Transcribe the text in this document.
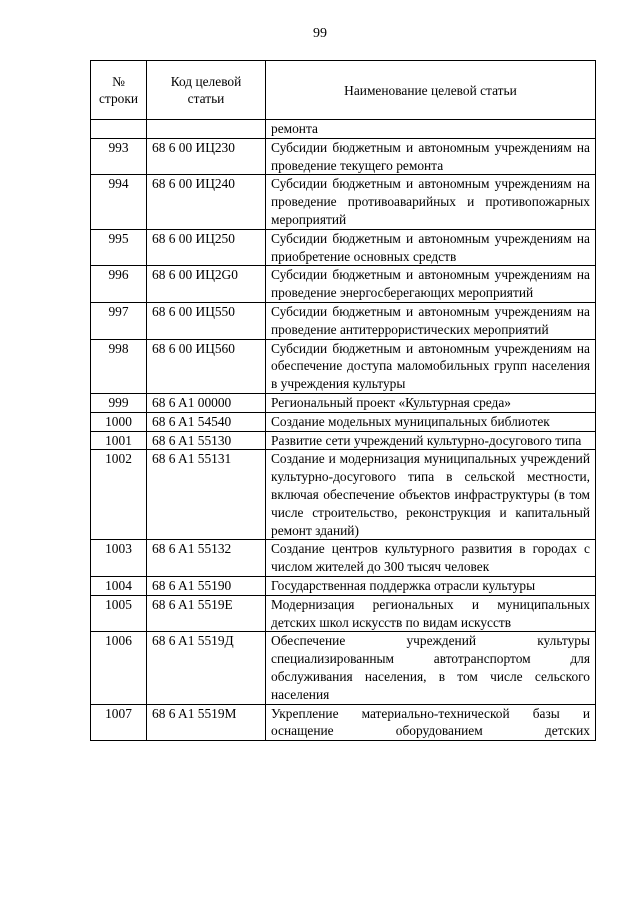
99
№ строки	Код целевой статьи	Наименование целевой статьи
		ремонта
993	68 6 00 ИЦ230	Субсидии бюджетным и автономным учреждениям на проведение текущего ремонта
994	68 6 00 ИЦ240	Субсидии бюджетным и автономным учреждениям на проведение противоаварийных и противопожарных мероприятий
995	68 6 00 ИЦ250	Субсидии бюджетным и автономным учреждениям на приобретение основных средств
996	68 6 00 ИЦ2G0	Субсидии бюджетным и автономным учреждениям на проведение энергосберегающих мероприятий
997	68 6 00 ИЦ550	Субсидии бюджетным и автономным учреждениям на проведение антитеррористических мероприятий
998	68 6 00 ИЦ560	Субсидии бюджетным и автономным учреждениям на обеспечение доступа маломобильных групп населения в учреждения культуры
999	68 6 A1 00000	Региональный проект «Культурная среда»
1000	68 6 A1 54540	Создание модельных муниципальных библиотек
1001	68 6 A1 55130	Развитие сети учреждений культурно-досугового типа
1002	68 6 A1 55131	Создание и модернизация муниципальных учреждений культурно-досугового типа в сельской местности, включая обеспечение объектов инфраструктуры (в том числе строительство, реконструкция и капитальный ремонт зданий)
1003	68 6 A1 55132	Создание центров культурного развития в городах с числом жителей до 300 тысяч человек
1004	68 6 A1 55190	Государственная поддержка отрасли культуры
1005	68 6 A1 5519E	Модернизация региональных и муниципальных детских школ искусств по видам искусств
1006	68 6 A1 5519Д	Обеспечение учреждений культуры специализированным автотранспортом для обслуживания населения, в том числе сельского населения
1007	68 6 A1 5519M	Укрепление материально-технической базы и оснащение оборудованием детских
